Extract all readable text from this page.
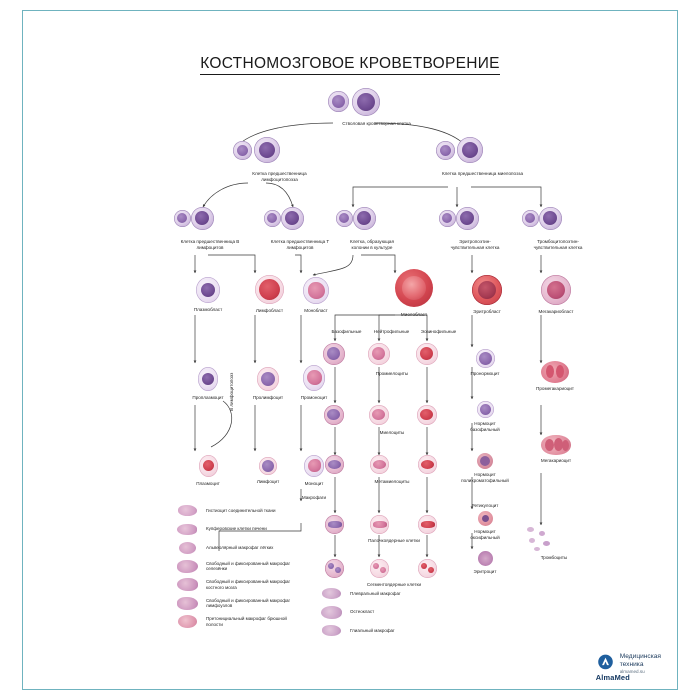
КОСТНОМОЗГОВОЕ КРОВЕТВОРЕНИЕ
Стволовая кроветворная клетка
Клетка предшественница лимфоцитопоэза
Клетка предшественница миелопоэза
Клетка предшественница В лимфоцитов
Клетка предшественница Т лимфоцитов
Клетка, образующая колонии в культуре
Эритропоэтин-чувствительная клетка
Тромбоцитопоэтин-чувствительная клетка
Плазмобласт	Лимфобласт	Монобласт
Миелобласт
Эритробласт	Мегакариобласт
Базофильные	Нейтрофильные	Эозинофильные
В лимфоцитопоэз
Проплазмоцит	Пролимфоцит	Промоноцит
Промиелоциты	Пронормоцит
Промегакариоцит
Миелоциты
Нормоцит базофильный
Плазмоцит	Лимфоцит	Моноцит
Макрофаги
Метамиелоциты
Нормоцит полихроматофильный
Мегакариоцит
Палочкоядерные клетки
Нормоцит оксифильный
Тромбоциты
Сегментоядерные клетки
Эритроцит
Ретикулоцит
Гистиоцит соединительной ткани
Купферовские клетки печени
Альвеолярный макрофаг лёгких
Свободный и фиксированный макрофаг селезёнки
Свободный и фиксированный макрофаг костного мозга
Свободный и фиксированный макрофаг лимфоузлов
Претонициальный макрофаг брюшной полости
Плевральный макрофаг
Остеокласт
Глиальный макрофаг
AlmaMed
Медицинская
техника
almamed.su
